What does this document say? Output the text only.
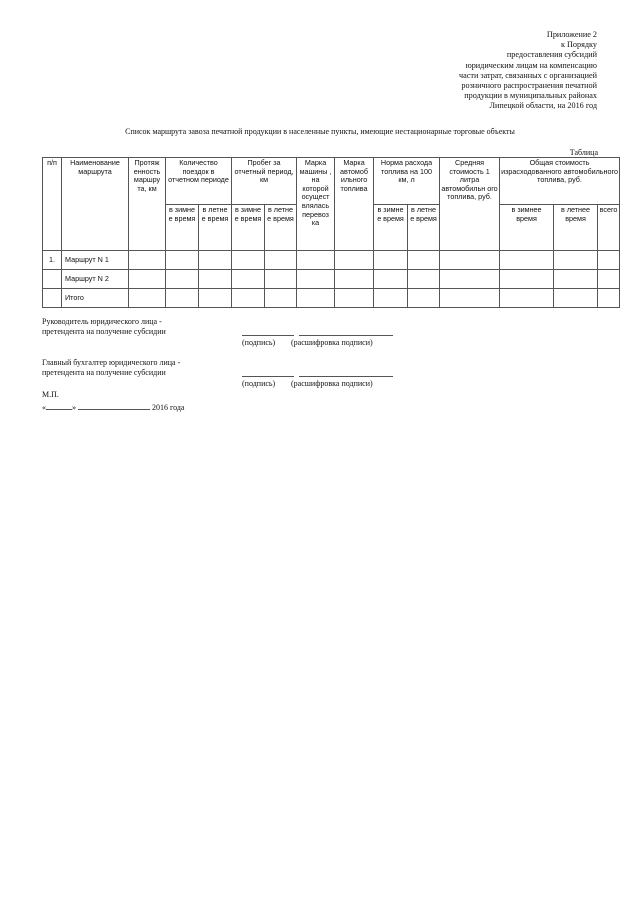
Приложение 2
к Порядку
предоставления субсидий
юридическим лицам на компенсацию
части затрат, связанных с организацией
розничного распространения печатной
продукции в муниципальных районах
Липецкой области, на 2016 год
Список маршрута завоза печатной продукции в населенные пункты, имеющие нестационарные торговые объекты
Таблица
п/п	Наименование маршрута	Протяж енность маршру та, км	Количество поездок в отчетном периоде		Пробег за отчетный период, км		Марка машины , на которой осущест влялась перевоз ка	Марка автомоб ильного топлива	Норма расхода топлива на 100 км, л		Средняя стоимость 1 литра автомобильн ого топлива, руб.	Общая стоимость израсходованного автомобильного топлива, руб.		
			в зимне е время	в летне е время	в зимне е время	в летне е время			в зимне е время	в летне е время		в зимнее время	в летнее время	всего
1.	Маршрут N 1													
	Маршрут N 2													
	Итого													
Руководитель юридического лица -
претендента на получение субсидии
(подпись) (расшифровка подписи)
Главный бухгалтер юридического лица -
претендента на получение субсидии
(подпись) (расшифровка подписи)
М.П.
«	»	2016 года
